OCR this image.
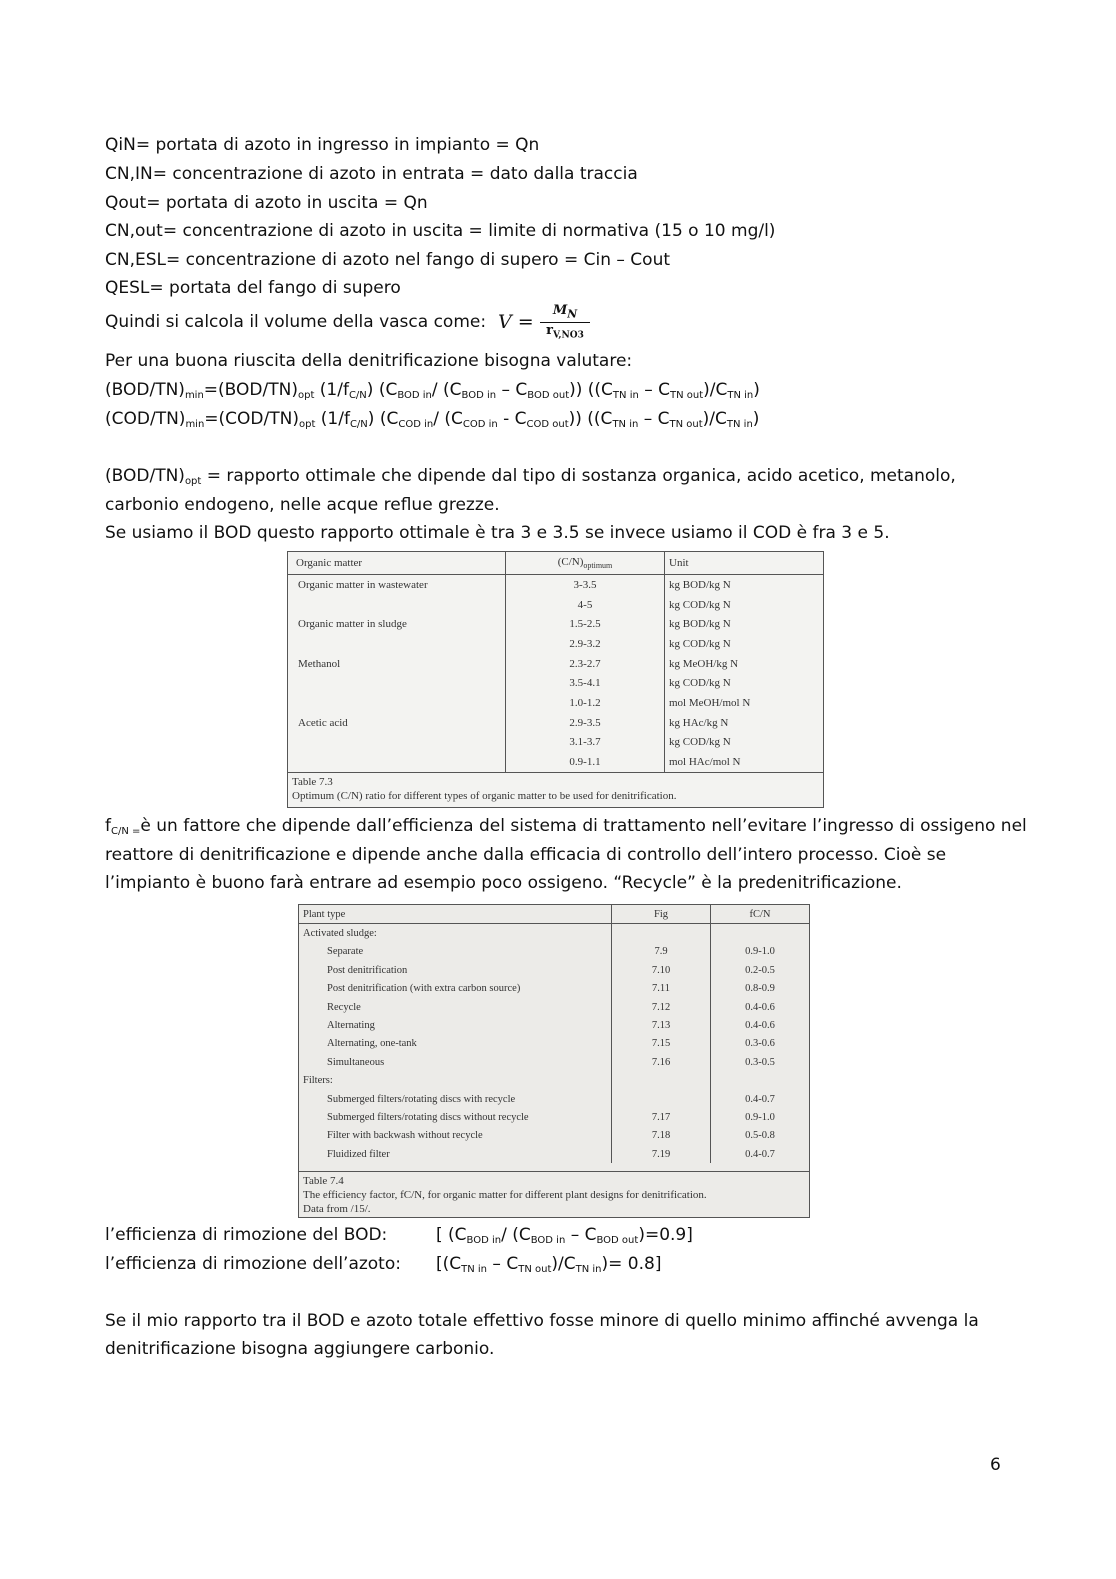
QiN= portata di azoto in ingresso in impianto = Qn
CN,IN= concentrazione di azoto in entrata = dato dalla traccia
Qout= portata di azoto in uscita = Qn
CN,out= concentrazione di azoto in uscita = limite di normativa (15 o 10 mg/l)
CN,ESL= concentrazione di azoto nel fango di supero = Cin – Cout
QESL= portata del fango di supero
Quindi si calcola il volume della vasca come: $V = \frac{M_N}{r_{V,NO3}}$
Per una buona riuscita della denitrificazione bisogna valutare:
$(BOD/TN)_{min}=(BOD/TN)_{opt}$ $(1/f_{C/N})$ ($C_{BOD in}/$ $(C_{BOD in} - C_{BOD out})$) $((C_{TN in} - C_{TN out})/C_{TN in})$
$(COD/TN)_{min}=(COD/TN)_{opt}$ $(1/f_{C/N})$ ($C_{COD in}/$ $(C_{COD in} - C_{COD out})$) $((C_{TN in} - C_{TN out})/C_{TN in})$
$(BOD/TN)_{opt}$ = rapporto ottimale che dipende dal tipo di sostanza organica, acido acetico, metanolo,
carbonio endogeno, nelle acque reflue grezze.
Se usiamo il BOD questo rapporto ottimale è tra 3 e 3.5 se invece usiamo il COD è fra 3 e 5.
Organic matter	$(C/N)_{optimum}$	Unit
Organic matter in wastewater	3-3.5	kg BOD/kg N
	4-5	kg COD/kg N
Organic matter in sludge	1.5-2.5	kg BOD/kg N
	2.9-3.2	kg COD/kg N
Methanol	2.3-2.7	kg MeOH/kg N
	3.5-4.1	kg COD/kg N
	1.0-1.2	mol MeOH/mol N
Acetic acid	2.9-3.5	kg HAc/kg N
	3.1-3.7	kg COD/kg N
	0.9-1.1	mol HAc/mol N
Table 7.3
Optimum (C/N) ratio for different types of organic matter to be used for denitrification.
$f_{C/N =}è$ un fattore che dipende dall’efficienza del sistema di trattamento nell’evitare l’ingresso di ossigeno nel
reattore di denitrificazione e dipende anche dalla efficacia di controllo dell’intero processo. Cioè se
l’impianto è buono farà entrare ad esempio poco ossigeno. “Recycle” è la predenitrificazione.
Plant type	Fig	fC/N
Activated sludge:		
Separate	7.9	0.9-1.0
Post denitrification	7.10	0.2-0.5
Post denitrification (with extra carbon source)	7.11	0.8-0.9
Recycle	7.12	0.4-0.6
Alternating	7.13	0.4-0.6
Alternating, one-tank	7.15	0.3-0.6
Simultaneous	7.16	0.3-0.5
Filters:		
Submerged filters/rotating discs with recycle		0.4-0.7
Submerged filters/rotating discs without recycle	7.17	0.9-1.0
Filter with backwash without recycle	7.18	0.5-0.8
Fluidized filter	7.19	0.4-0.7
Table 7.4
The efficiency factor, fC/N, for organic matter for different plant designs for denitrification.
Data from /15/.
l’efficienza di rimozione del BOD:	[ ($C_{BOD in}/$ $(C_{BOD in} - C_{BOD out})=0.9$]
l’efficienza di rimozione dell’azoto: $[(C_{TN in} - C_{TN out})/C_{TN in})= 0.8$]
Se il mio rapporto tra il BOD e azoto totale effettivo fosse minore di quello minimo affinché avvenga la
denitrificazione bisogna aggiungere carbonio.
6
